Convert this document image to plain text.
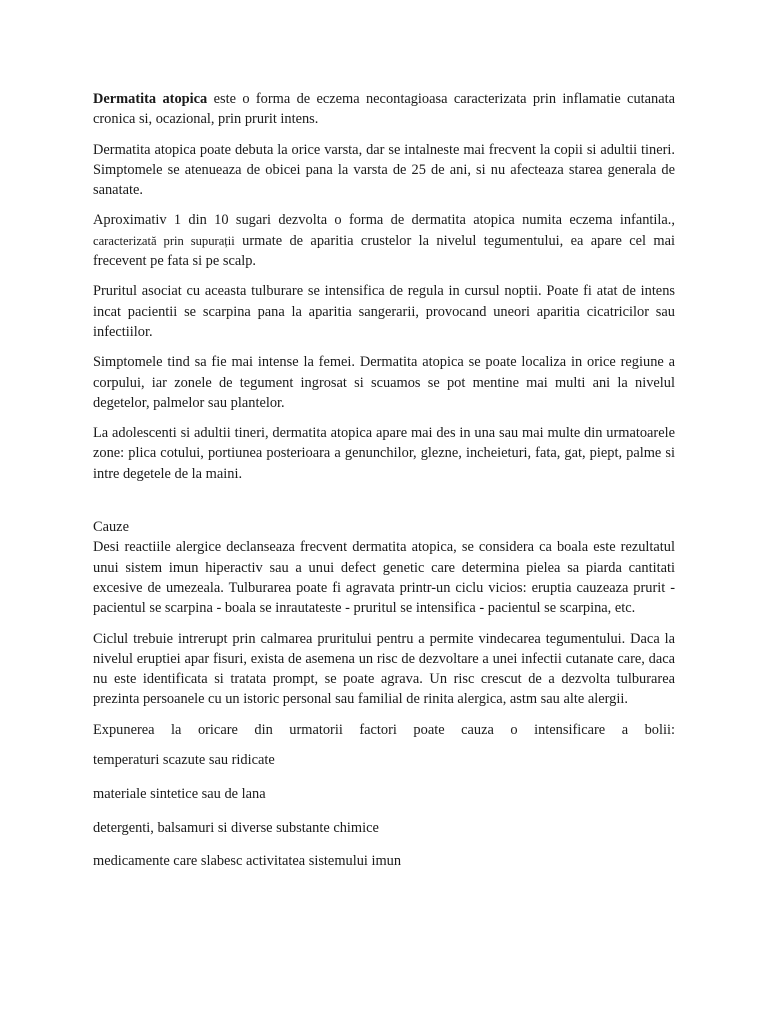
Dermatita atopica este o forma de eczema necontagioasa caracterizata prin inflamatie cutanata cronica si, ocazional, prin prurit intens.

Dermatita atopica poate debuta la orice varsta, dar se intalneste mai frecvent la copii si adultii tineri. Simptomele se atenueaza de obicei pana la varsta de 25 de ani, si nu afecteaza starea generala de sanatate.

Aproximativ 1 din 10 sugari dezvolta o forma de dermatita atopica numita eczema infantila., caracterizată prin supurații urmate de aparitia crustelor la nivelul tegumentului, ea apare cel mai frecevent pe fata si pe scalp.

Pruritul asociat cu aceasta tulburare se intensifica de regula in cursul noptii. Poate fi atat de intens incat pacientii se scarpina pana la aparitia sangerarii, provocand uneori aparitia cicatricilor sau infectiilor.

Simptomele tind sa fie mai intense la femei. Dermatita atopica se poate localiza in orice regiune a corpului, iar zonele de tegument ingrosat si scuamos se pot mentine mai multi ani la nivelul degetelor, palmelor sau plantelor.

La adolescenti si adultii tineri, dermatita atopica apare mai des in una sau mai multe din urmatoarele zone: plica cotului, portiunea posterioara a genunchilor, glezne, incheieturi, fata, gat, piept, palme si intre degetele de la maini.

Cauze

Desi reactiile alergice declanseaza frecvent dermatita atopica, se considera ca boala este rezultatul unui sistem imun hiperactiv sau a unui defect genetic care determina pielea sa piarda cantitati excesive de umezeala. Tulburarea poate fi agravata printr-un ciclu vicios: eruptia cauzeaza prurit - pacientul se scarpina - boala se inrautateste - pruritul se intensifica - pacientul se scarpina, etc.

Ciclul trebuie intrerupt prin calmarea pruritului pentru a permite vindecarea tegumentului. Daca la nivelul eruptiei apar fisuri, exista de asemena un risc de dezvoltare a unei infectii cutanate care, daca nu este identificata si tratata prompt, se poate agrava. Un risc crescut de a dezvolta tulburarea prezinta persoanele cu un istoric personal sau familial de rinita alergica, astm sau alte alergii.

Expunerea la oricare din urmatorii factori poate cauza o intensificare a bolii:

temperaturi scazute sau ridicate

materiale sintetice sau de lana

detergenti, balsamuri si diverse substante chimice

medicamente care slabesc activitatea sistemului imun
